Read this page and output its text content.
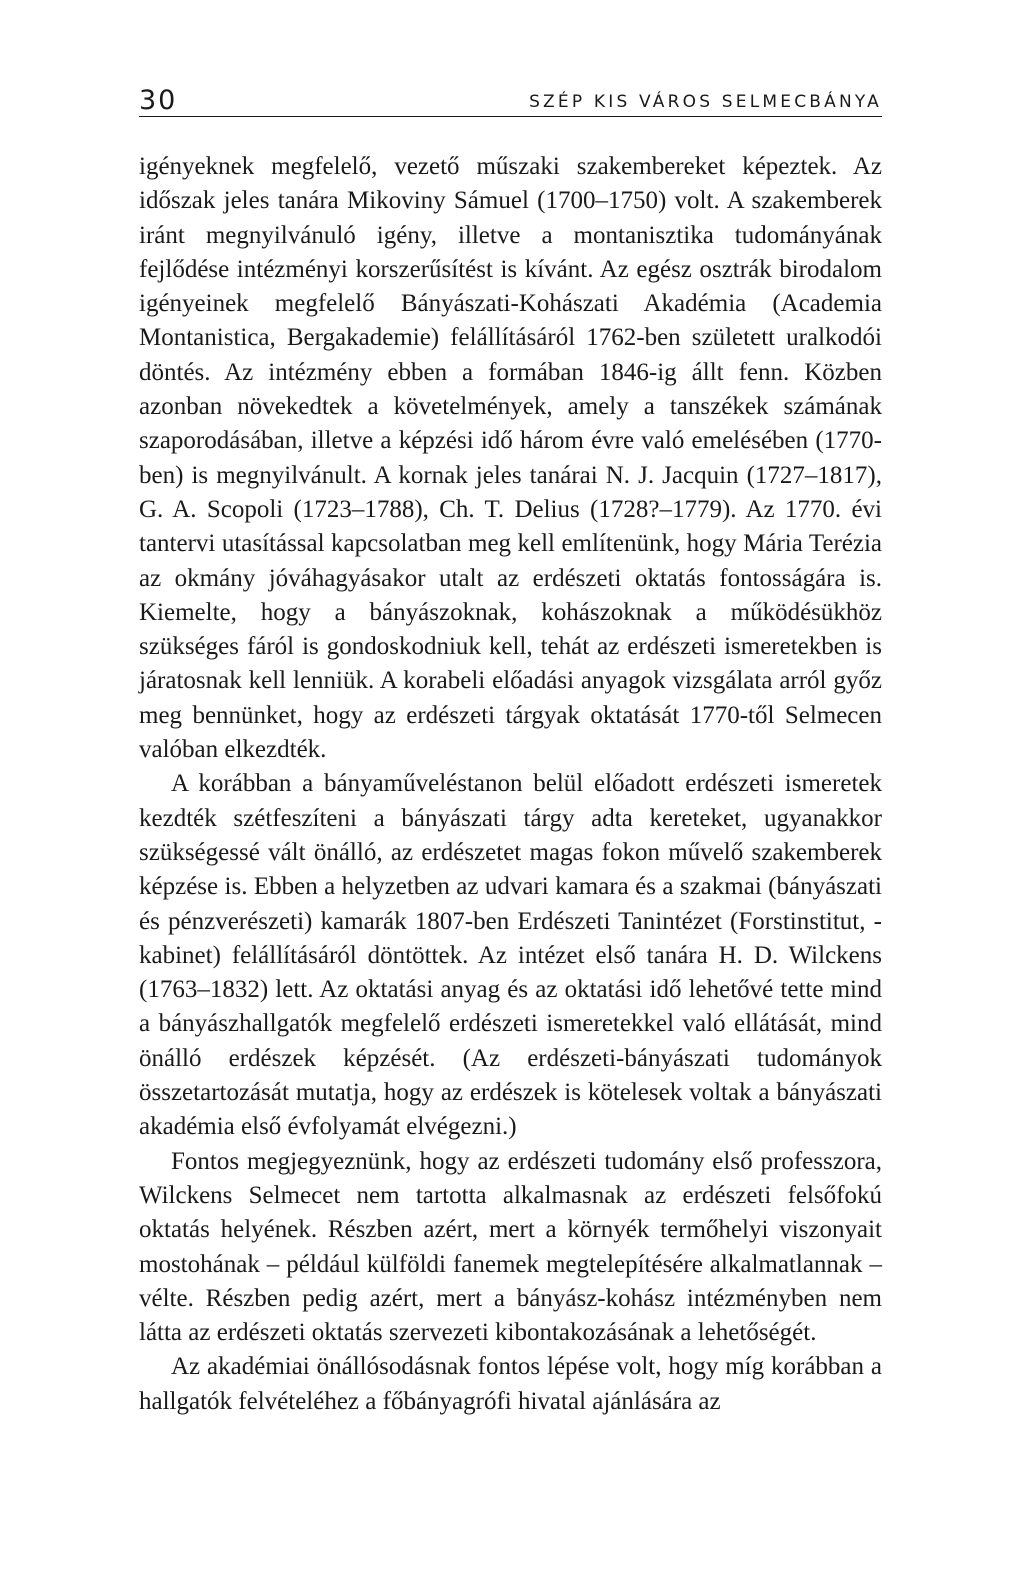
30	SZÉP KIS VÁROS SELMECBÁNYA

igényeknek megfelelő, vezető műszaki szakembereket képeztek. Az időszak jeles tanára Mikoviny Sámuel (1700–1750) volt. A szakemberek iránt megnyilvánuló igény, illetve a montanisztika tudományának fejlődése intézményi korszerűsítést is kívánt. Az egész osztrák birodalom igényeinek megfelelő Bányászati-Kohászati Akadémia (Academia Montanistica, Bergakademie) felállításáról 1762-ben született uralkodói döntés. Az intézmény ebben a formában 1846-ig állt fenn. Közben azonban növekedtek a követelmények, amely a tanszékek számának szaporodásában, illetve a képzési idő három évre való emelésében (1770-ben) is megnyilvánult. A kornak jeles tanárai N. J. Jacquin (1727–1817), G. A. Scopoli (1723–1788), Ch. T. Delius (1728?–1779). Az 1770. évi tantervi utasítással kapcsolatban meg kell említenünk, hogy Mária Terézia az okmány jóváhagyásakor utalt az erdészeti oktatás fontosságára is. Kiemelte, hogy a bányászoknak, kohászoknak a működésükhöz szükséges fáról is gondoskodniuk kell, tehát az erdészeti ismeretekben is járatosnak kell lenniük. A korabeli előadási anyagok vizsgálata arról győz meg bennünket, hogy az erdészeti tárgyak oktatását 1770-től Selmecen valóban elkezdték.

A korábban a bányaműveléstanon belül előadott erdészeti ismeretek kezdték szétfeszíteni a bányászati tárgy adta kereteket, ugyanakkor szükségessé vált önálló, az erdészetet magas fokon művelő szakemberek képzése is. Ebben a helyzetben az udvari kamara és a szakmai (bányászati és pénzverészeti) kamarák 1807-ben Erdészeti Tanintézet (Forstinstitut, -kabinet) felállításáról döntöttek. Az intézet első tanára H. D. Wilckens (1763–1832) lett. Az oktatási anyag és az oktatási idő lehetővé tette mind a bányászhallgatók megfelelő erdészeti ismeretekkel való ellátását, mind önálló erdészek képzését. (Az erdészeti-bányászati tudományok összetartozását mutatja, hogy az erdészek is kötelesek voltak a bányászati akadémia első évfolyamát elvégezni.)

Fontos megjegyeznünk, hogy az erdészeti tudomány első professzora, Wilckens Selmecet nem tartotta alkalmasnak az erdészeti felsőfokú oktatás helyének. Részben azért, mert a környék termőhelyi viszonyait mostohának – például külföldi fanemek megtelepítésére alkalmatlannak – vélte. Részben pedig azért, mert a bányász-kohász intézményben nem látta az erdészeti oktatás szervezeti kibontakozásának a lehetőségét.

Az akadémiai önállósodásnak fontos lépése volt, hogy míg korábban a hallgatók felvételéhez a főbányagrófi hivatal ajánlására az
